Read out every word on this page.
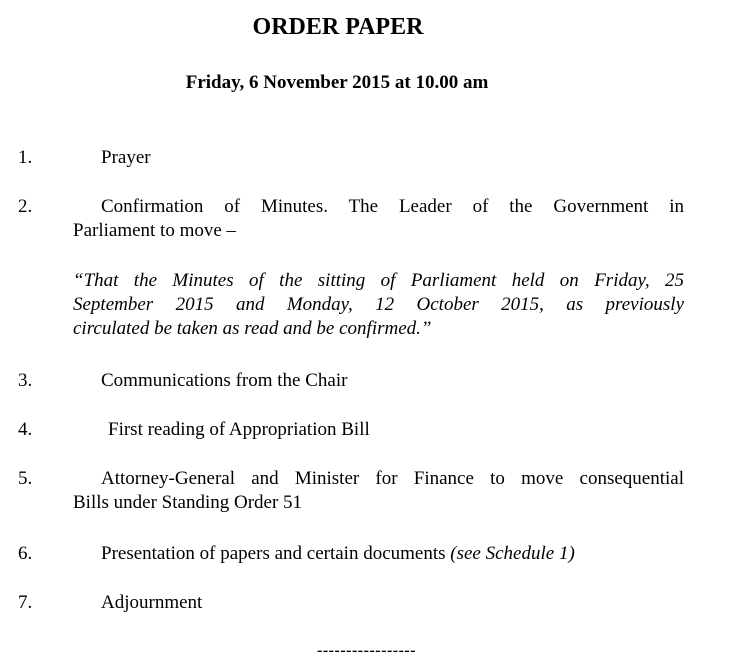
ORDER PAPER
Friday, 6 November 2015 at 10.00 am
1.	Prayer
2.	Confirmation of Minutes. The Leader of the Government in
Parliament to move –
“That the Minutes of the sitting of Parliament held on Friday, 25
September 2015 and Monday, 12 October 2015, as previously
circulated be taken as read and be confirmed.”
3.	Communications from the Chair
4.	First reading of Appropriation Bill
5.	Attorney-General and Minister for Finance to move consequential
Bills under Standing Order 51
6.	Presentation of papers and certain documents (see Schedule 1)
7.	Adjournment
-----------------
